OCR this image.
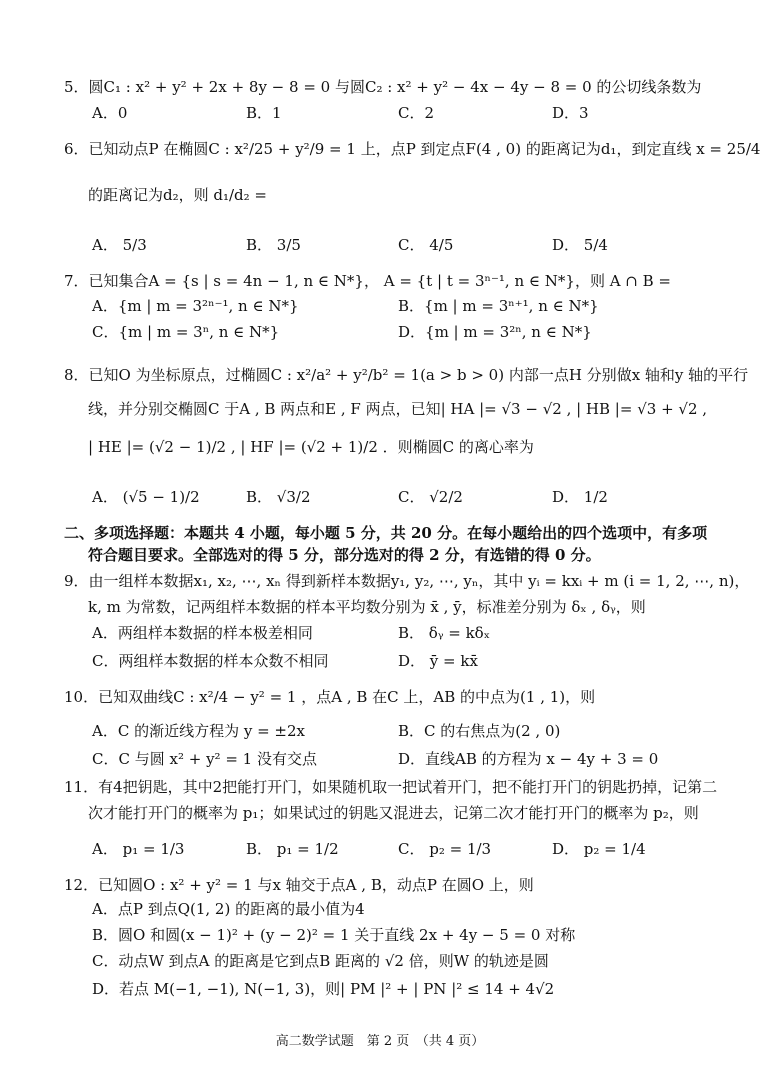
5．圆C₁ : x² + y² + 2x + 8y − 8 = 0 与圆C₂ : x² + y² − 4x − 4y − 8 = 0 的公切线条数为
A．0	B．1	C．2	D．3
6．已知动点P 在椭圆C : x²/25 + y²/9 = 1 上，点P 到定点F(4 , 0) 的距离记为d₁，到定直线 x = 25/4
的距离记为d₂，则 d₁/d₂ =
A． 5/3	B． 3/5	C． 4/5	D． 5/4
7．已知集合A = {s | s = 4n − 1, n ∈ N*}， A = {t | t = 3ⁿ⁻¹, n ∈ N*}，则 A ∩ B =
A．{m | m = 3²ⁿ⁻¹, n ∈ N*}	B．{m | m = 3ⁿ⁺¹, n ∈ N*}
C．{m | m = 3ⁿ, n ∈ N*}	D．{m | m = 3²ⁿ, n ∈ N*}
8．已知O 为坐标原点，过椭圆C : x²/a² + y²/b² = 1(a > b > 0) 内部一点H 分别做x 轴和y 轴的平行
线，并分别交椭圆C 于A , B 两点和E , F 两点，已知| HA |= √3 − √2 , | HB |= √3 + √2 ,
| HE |= (√2 − 1)/2 , | HF |= (√2 + 1)/2 ．则椭圆C 的离心率为
A． (√5 − 1)/2	B． √3/2	C． √2/2	D． 1/2
二、多项选择题：本题共 4 小题，每小题 5 分，共 20 分。在每小题给出的四个选项中，有多项
符合题目要求。全部选对的得 5 分，部分选对的得 2 分，有选错的得 0 分。
9．由一组样本数据x₁, x₂, ⋯, xₙ 得到新样本数据y₁, y₂, ⋯, yₙ，其中 yᵢ = kxᵢ + m (i = 1, 2, ⋯, n)，
k, m 为常数，记两组样本数据的样本平均数分别为 x̄ , ȳ，标准差分别为 δₓ , δᵧ，则
A．两组样本数据的样本极差相同	B． δᵧ = kδₓ
C．两组样本数据的样本众数不相同	D． ȳ = kx̄
10．已知双曲线C : x²/4 − y² = 1 ，点A , B 在C 上，AB 的中点为(1 , 1)，则
A．C 的渐近线方程为 y = ±2x	B．C 的右焦点为(2 , 0)
C．C 与圆 x² + y² = 1 没有交点	D．直线AB 的方程为 x − 4y + 3 = 0
11．有4把钥匙，其中2把能打开门，如果随机取一把试着开门，把不能打开门的钥匙扔掉，记第二
次才能打开门的概率为 p₁；如果试过的钥匙又混进去，记第二次才能打开门的概率为 p₂，则
A． p₁ = 1/3	B． p₁ = 1/2	C． p₂ = 1/3	D． p₂ = 1/4
12．已知圆O : x² + y² = 1 与x 轴交于点A , B，动点P 在圆O 上，则
A．点P 到点Q(1, 2) 的距离的最小值为4
B．圆O 和圆(x − 1)² + (y − 2)² = 1 关于直线 2x + 4y − 5 = 0 对称
C．动点W 到点A 的距离是它到点B 距离的 √2 倍，则W 的轨迹是圆
D．若点 M(−1, −1), N(−1, 3)，则| PM |² + | PN |² ≤ 14 + 4√2
高二数学试题　第 2 页　（共 4 页）
